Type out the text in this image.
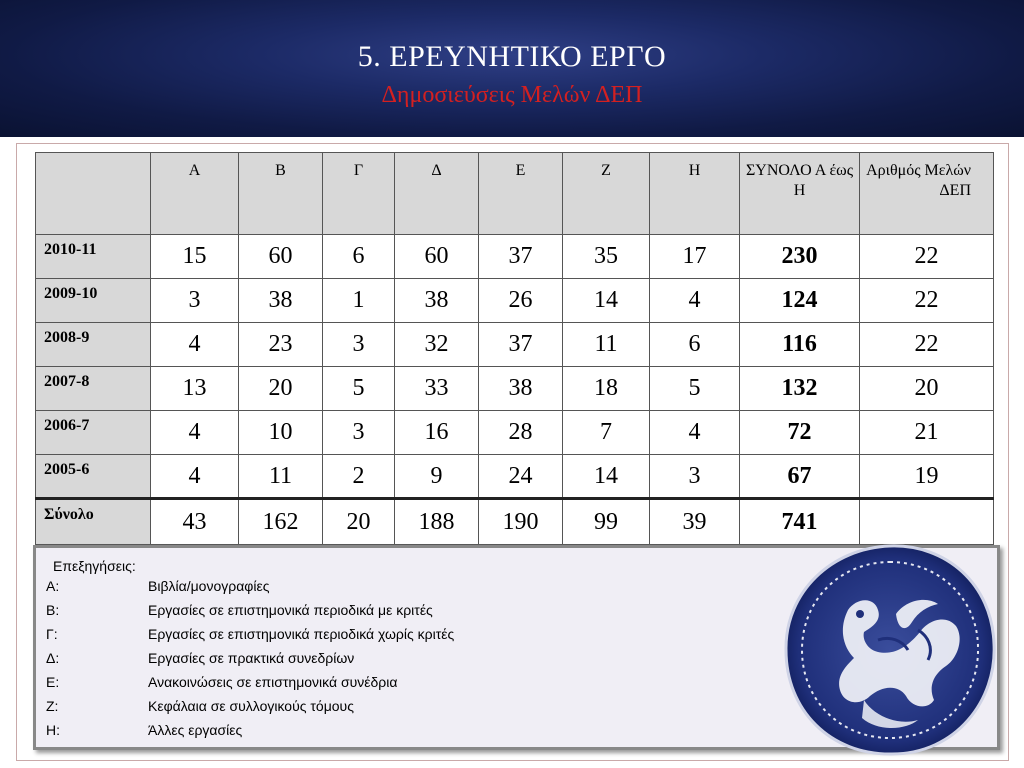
5. ΕΡΕΥΝΗΤΙΚΟ ΕΡΓΟ
Δημοσιεύσεις Μελών ΔΕΠ
	Α	Β	Γ	Δ	Ε	Ζ	Η	ΣΥΝΟΛΟ Α έως Η	Αριθμός Μελών ΔΕΠ
2010-11	15	60	6	60	37	35	17	230	22
2009-10	3	38	1	38	26	14	4	124	22
2008-9	4	23	3	32	37	11	6	116	22
2007-8	13	20	5	33	38	18	5	132	20
2006-7	4	10	3	16	28	7	4	72	21
2005-6	4	11	2	9	24	14	3	67	19
Σύνολο	43	162	20	188	190	99	39	741	
Επεξηγήσεις:
Α:	Βιβλία/μονογραφίες
Β:	Εργασίες σε επιστημονικά περιοδικά με κριτές
Γ:	Εργασίες σε επιστημονικά περιοδικά χωρίς κριτές
Δ:	Εργασίες σε πρακτικά συνεδρίων
Ε:	Ανακοινώσεις σε επιστημονικά συνέδρια
Ζ:	Κεφάλαια σε συλλογικούς τόμους
Η:	Άλλες εργασίες
